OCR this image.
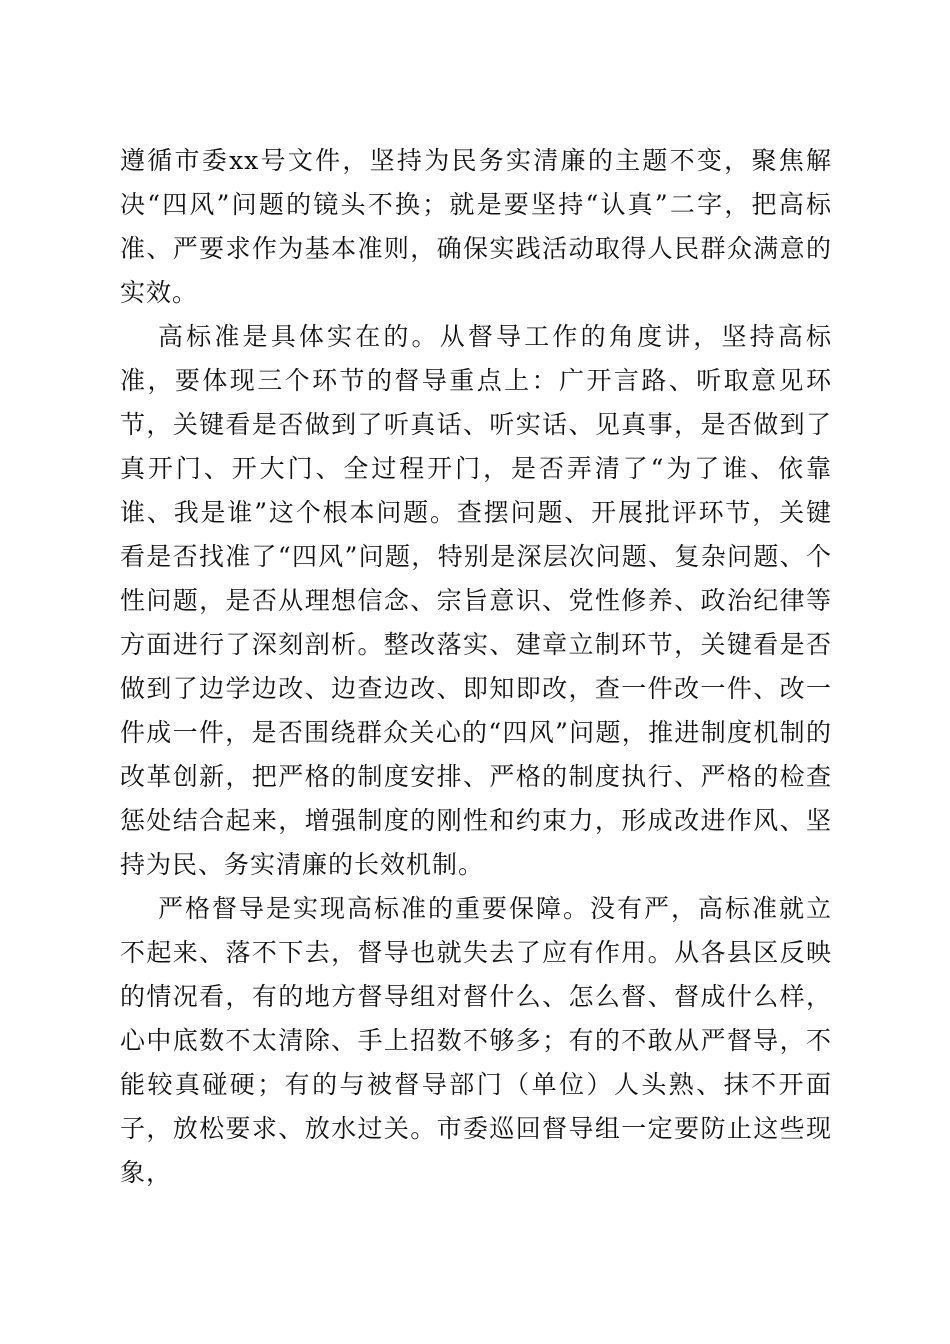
遵循市委xx号文件，坚持为民务实清廉的主题不变，聚焦解决“四风”问题的镜头不换；就是要坚持“认真”二字，把高标准、严要求作为基本准则，确保实践活动取得人民群众满意的实效。

高标准是具体实在的。从督导工作的角度讲，坚持高标准，要体现三个环节的督导重点上：广开言路、听取意见环节，关键看是否做到了听真话、听实话、见真事，是否做到了真开门、开大门、全过程开门，是否弄清了“为了谁、依靠谁、我是谁”这个根本问题。查摆问题、开展批评环节，关键看是否找准了“四风”问题，特别是深层次问题、复杂问题、个性问题，是否从理想信念、宗旨意识、党性修养、政治纪律等方面进行了深刻剖析。整改落实、建章立制环节，关键看是否做到了边学边改、边查边改、即知即改，查一件改一件、改一件成一件，是否围绕群众关心的“四风”问题，推进制度机制的改革创新，把严格的制度安排、严格的制度执行、严格的检查惩处结合起来，增强制度的刚性和约束力，形成改进作风、坚持为民、务实清廉的长效机制。

严格督导是实现高标准的重要保障。没有严，高标准就立不起来、落不下去，督导也就失去了应有作用。从各县区反映的情况看，有的地方督导组对督什么、怎么督、督成什么样，心中底数不太清除、手上招数不够多；有的不敢从严督导，不能较真碰硬；有的与被督导部门（单位）人头熟、抹不开面子，放松要求、放水过关。市委巡回督导组一定要防止这些现象，
